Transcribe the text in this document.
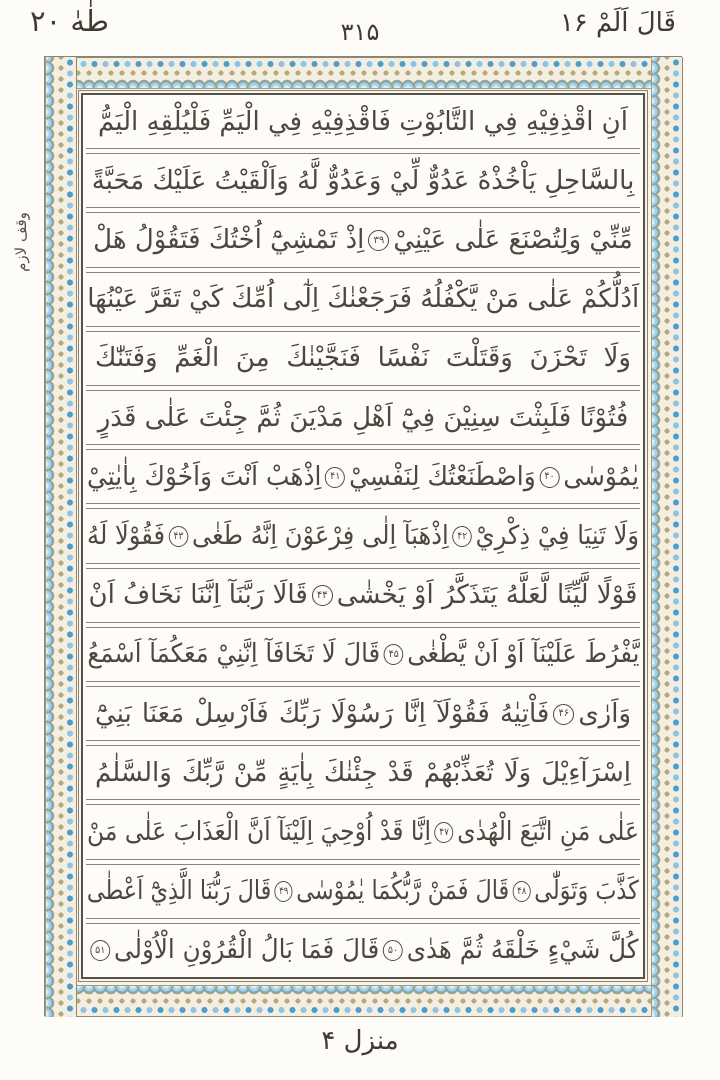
قَالَ اَلَمْ ۱۶
۳۱۵
طٰهٰ ۲۰
وقف لازم
اَنِ اقْذِفِيْهِ فِي التَّابُوْتِ فَاقْذِفِيْهِ فِي الْيَمِّ فَلْيُلْقِهِ الْيَمُّ
بِالسَّاحِلِ يَاْخُذْهُ عَدُوٌّ لِّيْ وَعَدُوٌّ لَّهُ وَاَلْقَيْتُ عَلَيْكَ مَحَبَّةً
مِّنِّيْ وَلِتُصْنَعَ عَلٰى عَيْنِيْ۳۹اِذْ تَمْشِيْٓ اُخْتُكَ فَتَقُوْلُ هَلْ
اَدُلُّكُمْ عَلٰى مَنْ يَّكْفُلُهُ فَرَجَعْنٰكَ اِلٰٓى اُمِّكَ كَيْ تَقَرَّ عَيْنُهَا
وَلَا تَحْزَنَ وَقَتَلْتَ نَفْسًا فَنَجَّيْنٰكَ مِنَ الْغَمِّ وَفَتَنّٰكَ
فُتُوْنًا فَلَبِثْتَ سِنِيْنَ فِيْٓ اَهْلِ مَدْيَنَ ثُمَّ جِئْتَ عَلٰى قَدَرٍ
يٰمُوْسٰى۴۰وَاصْطَنَعْتُكَ لِنَفْسِيْ۴۱اِذْهَبْ اَنْتَ وَاَخُوْكَ بِاٰيٰتِيْ
وَلَا تَنِيَا فِيْ ذِكْرِيْ۴۲اِذْهَبَآ اِلٰى فِرْعَوْنَ اِنَّهُ طَغٰى۴۳فَقُوْلَا لَهُ
قَوْلًا لَّيِّنًا لَّعَلَّهُ يَتَذَكَّرُ اَوْ يَخْشٰى۴۴قَالَا رَبَّنَآ اِنَّنَا نَخَافُ اَنْ
يَّفْرُطَ عَلَيْنَآ اَوْ اَنْ يَّطْغٰى۴۵قَالَ لَا تَخَافَآ اِنَّنِيْ مَعَكُمَآ اَسْمَعُ
وَاَرٰى۴۶فَاْتِيٰهُ فَقُوْلَآ اِنَّا رَسُوْلَا رَبِّكَ فَاَرْسِلْ مَعَنَا بَنِيْٓ
اِسْرَآءِيْلَ وَلَا تُعَذِّبْهُمْ قَدْ جِئْنٰكَ بِاٰيَةٍ مِّنْ رَّبِّكَ وَالسَّلٰمُ
عَلٰى مَنِ اتَّبَعَ الْهُدٰى۴۷اِنَّا قَدْ اُوْحِيَ اِلَيْنَآ اَنَّ الْعَذَابَ عَلٰى مَنْ
كَذَّبَ وَتَوَلّٰى۴۸قَالَ فَمَنْ رَّبُّكُمَا يٰمُوْسٰى۴۹قَالَ رَبُّنَا الَّذِيْٓ اَعْطٰى
كُلَّ شَيْءٍ خَلْقَهُ ثُمَّ هَدٰى۵۰قَالَ فَمَا بَالُ الْقُرُوْنِ الْاُوْلٰى۵۱
منزل ۴
